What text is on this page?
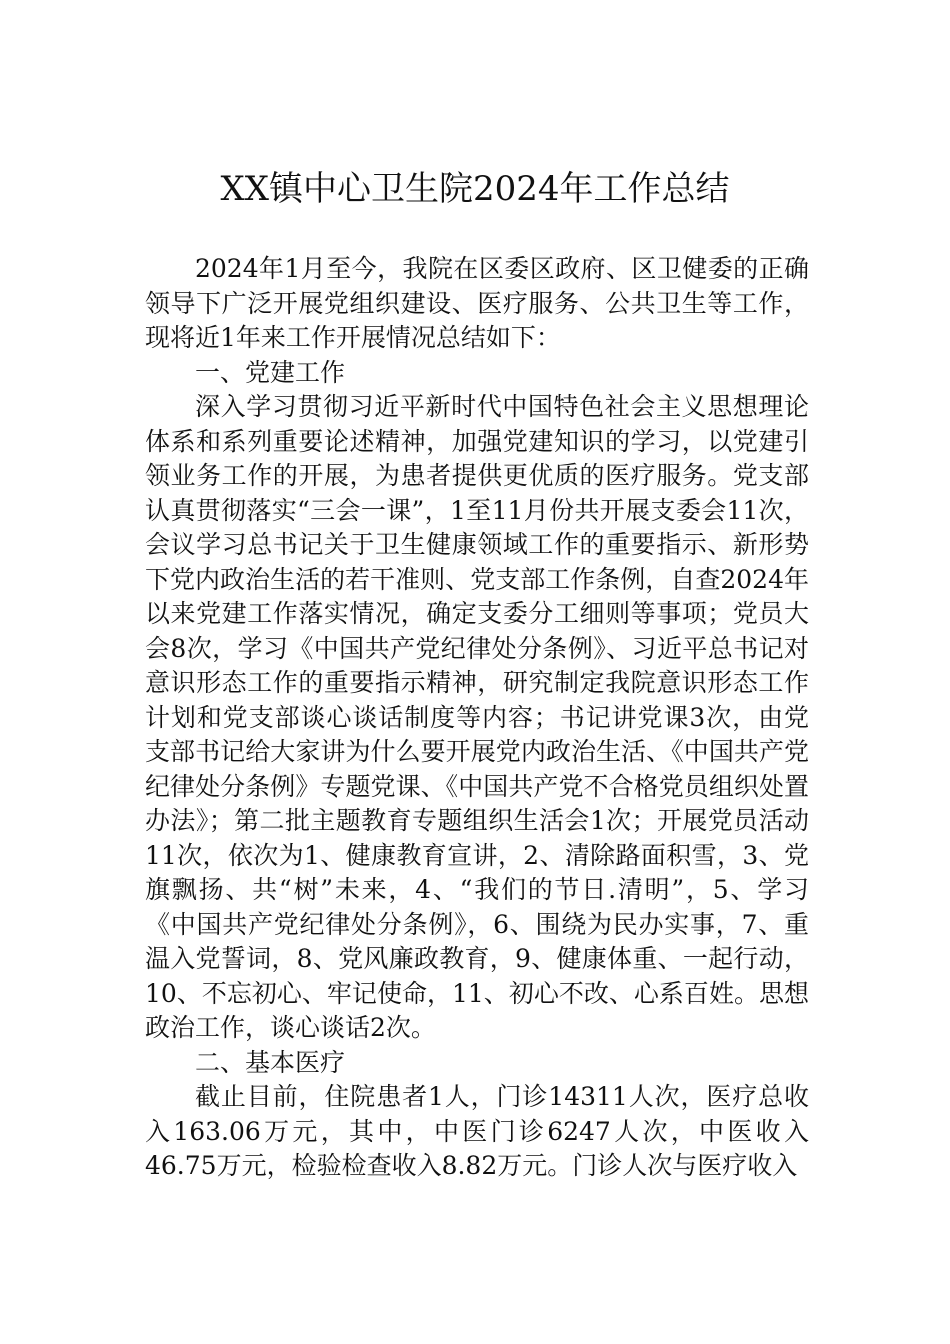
XX镇中心卫生院2024年工作总结

2024年1月至今，我院在区委区政府、区卫健委的正确领导下广泛开展党组织建设、医疗服务、公共卫生等工作，现将近1年来工作开展情况总结如下：

一、党建工作

深入学习贯彻习近平新时代中国特色社会主义思想理论体系和系列重要论述精神，加强党建知识的学习，以党建引领业务工作的开展，为患者提供更优质的医疗服务。党支部认真贯彻落实“三会一课”，1至11月份共开展支委会11次，会议学习总书记关于卫生健康领域工作的重要指示、新形势下党内政治生活的若干准则、党支部工作条例，自查2024年以来党建工作落实情况，确定支委分工细则等事项；党员大会8次，学习《中国共产党纪律处分条例》、习近平总书记对意识形态工作的重要指示精神，研究制定我院意识形态工作计划和党支部谈心谈话制度等内容；书记讲党课3次，由党支部书记给大家讲为什么要开展党内政治生活、《中国共产党纪律处分条例》专题党课、《中国共产党不合格党员组织处置办法》；第二批主题教育专题组织生活会1次；开展党员活动11次，依次为1、健康教育宣讲，2、清除路面积雪，3、党旗飘扬、共“树”未来，4、“我们的节日.清明”，5、学习《中国共产党纪律处分条例》，6、围绕为民办实事，7、重温入党誓词，8、党风廉政教育，9、健康体重、一起行动，10、不忘初心、牢记使命，11、初心不改、心系百姓。思想政治工作，谈心谈话2次。

二、基本医疗

截止目前，住院患者1人，门诊14311人次，医疗总收入163.06万元，其中，中医门诊6247人次，中医收入46.75万元，检验检查收入8.82万元。门诊人次与医疗收入
